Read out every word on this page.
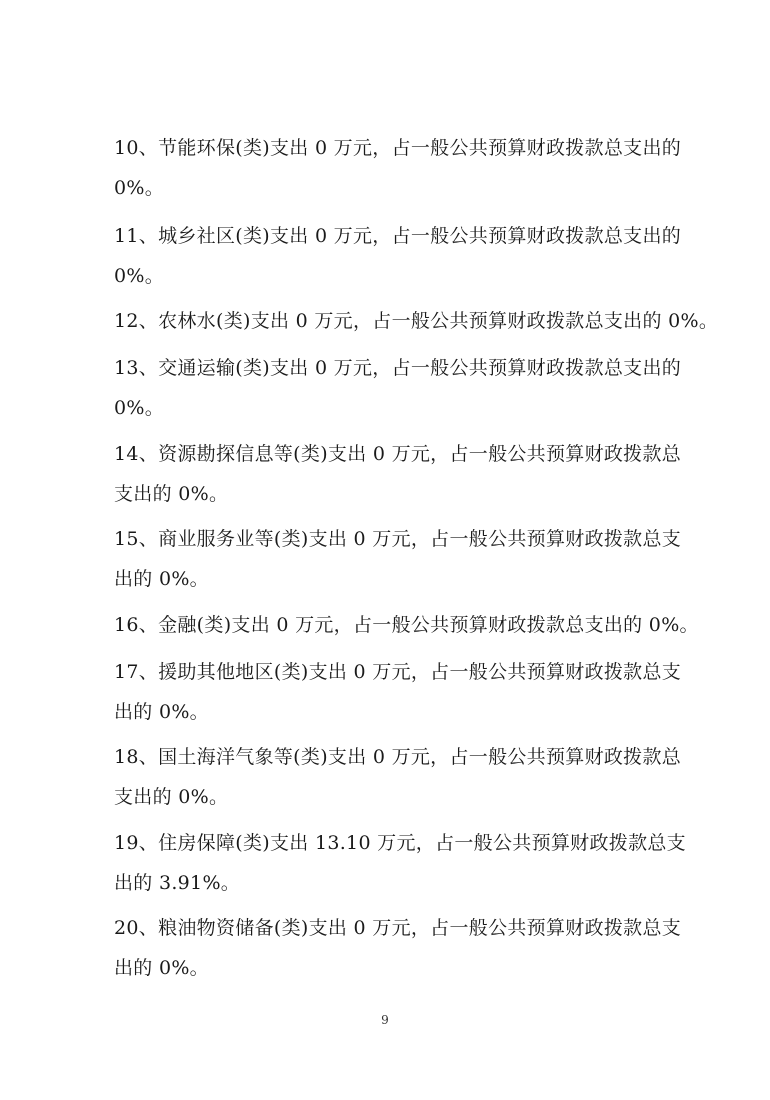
10、节能环保(类)支出 0 万元，占一般公共预算财政拨款总支出的
0%。
11、城乡社区(类)支出 0 万元，占一般公共预算财政拨款总支出的
0%。
12、农林水(类)支出 0 万元，占一般公共预算财政拨款总支出的 0%。
13、交通运输(类)支出 0 万元，占一般公共预算财政拨款总支出的
0%。
14、资源勘探信息等(类)支出 0 万元，占一般公共预算财政拨款总
支出的 0%。
15、商业服务业等(类)支出 0 万元，占一般公共预算财政拨款总支
出的 0%。
16、金融(类)支出 0 万元，占一般公共预算财政拨款总支出的 0%。
17、援助其他地区(类)支出 0 万元，占一般公共预算财政拨款总支
出的 0%。
18、国土海洋气象等(类)支出 0 万元，占一般公共预算财政拨款总
支出的 0%。
19、住房保障(类)支出 13.10 万元，占一般公共预算财政拨款总支
出的 3.91%。
20、粮油物资储备(类)支出 0 万元，占一般公共预算财政拨款总支
出的 0%。
9
